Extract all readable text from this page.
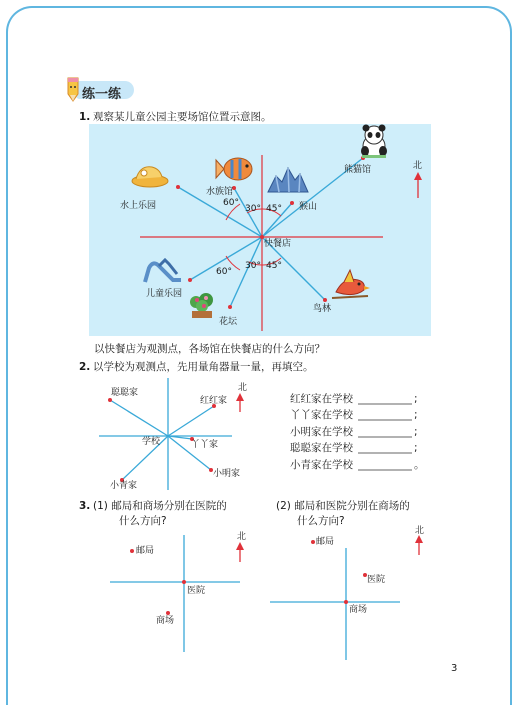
练一练
1. 观察某儿童公园主要场馆位置示意图。
水上乐园
水族馆
熊猫馆
猴山
快餐店
儿童乐园
花坛
鸟林
北
60°
30° 45°
60°
30° 45°
以快餐店为观测点，各场馆在快餐店的什么方向？
2. 以学校为观测点，先用量角器量一量，再填空。
聪聪家
红红家
学校	丫丫家
小明家
小青家
北
红红家在学校
丫丫家在学校
小明家在学校
聪聪家在学校
小青家在学校
;
;
;
;
。
3. (1) 邮局和商场分别在医院的
什么方向?
(2) 邮局和医院分别在商场的
什么方向?
邮局
医院
商场
北	邮局
医院
商场
北
3
